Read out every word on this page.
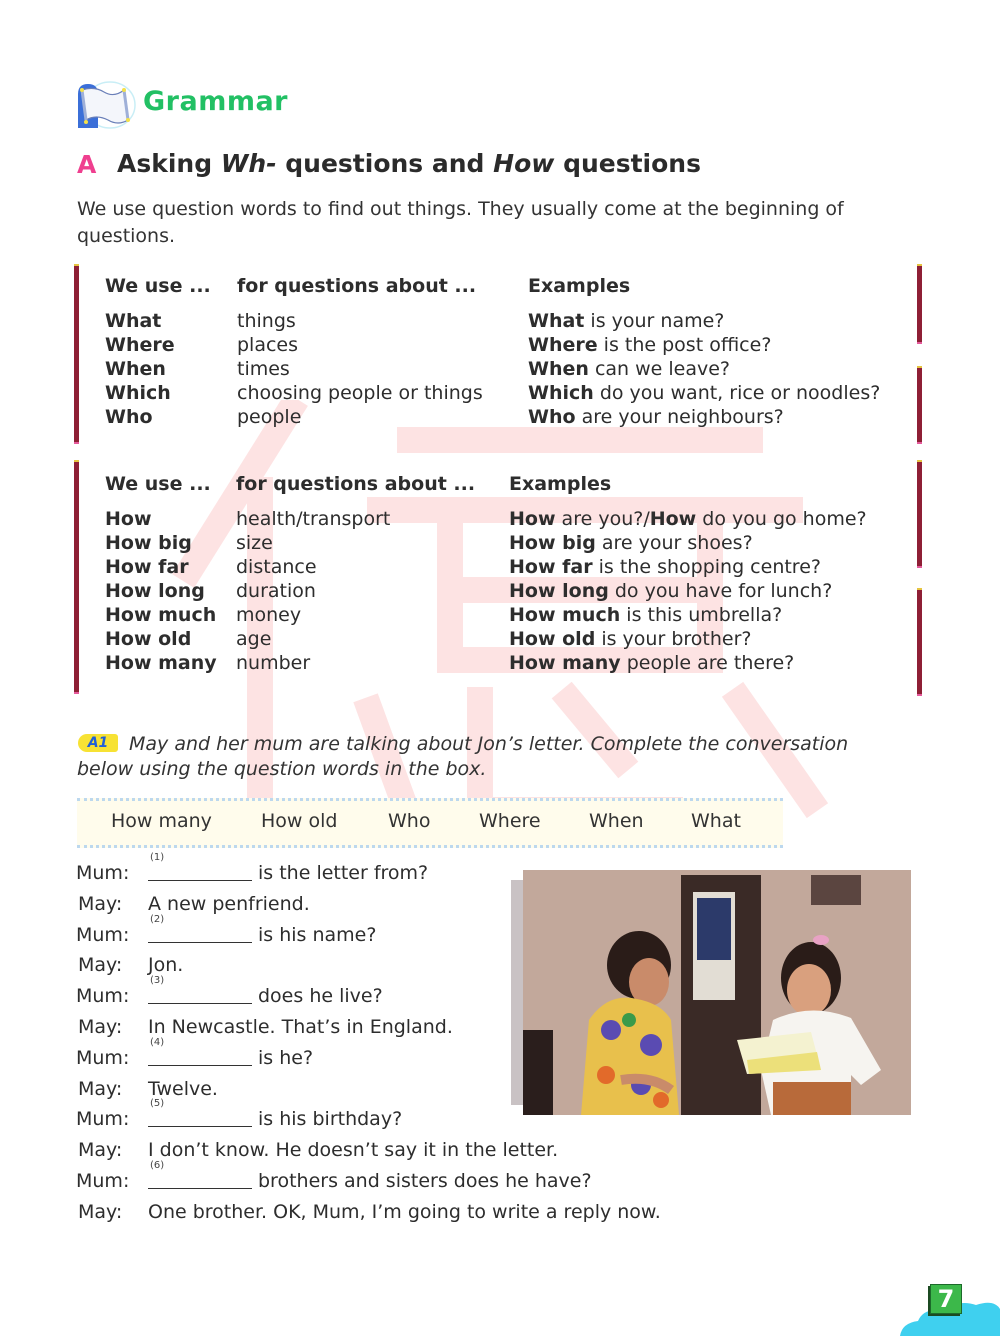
Grammar
A Asking Wh- questions and How questions
We use question words to find out things. They usually come at the beginning of questions.
We use ...	for questions about ...	Examples
What	things	What is your name?
Where	places	Where is the post office?
When	times	When can we leave?
Which	choosing people or things	Which do you want, rice or noodles?
Who	people	Who are your neighbours?
We use ...	for questions about ...	Examples
How	health/transport	How are you?/How do you go home?
How big	size	How big are your shoes?
How far	distance	How far is the shopping centre?
How long	duration	How long do you have for lunch?
How much	money	How much is this umbrella?
How old	age	How old is your brother?
How many	number	How many people are there?
May and her mum are talking about Jon’s letter. Complete the conversation below using the question words in the box.
A1
How many	How old	Who	Where	When What
Mum:
(1)
is the letter from?
May:	A new penfriend.
Mum:
(2)
is his name?
May:	Jon.
Mum:
(3)
does he live?
May:	In Newcastle. That’s in England.
Mum:
(4)
is he?
May:	Twelve.
Mum:
(5)
is his birthday?
May:	I don’t know. He doesn’t say it in the letter.
Mum:
(6)
brothers and sisters does he have?
May:	One brother. OK, Mum, I’m going to write a reply now.
7
